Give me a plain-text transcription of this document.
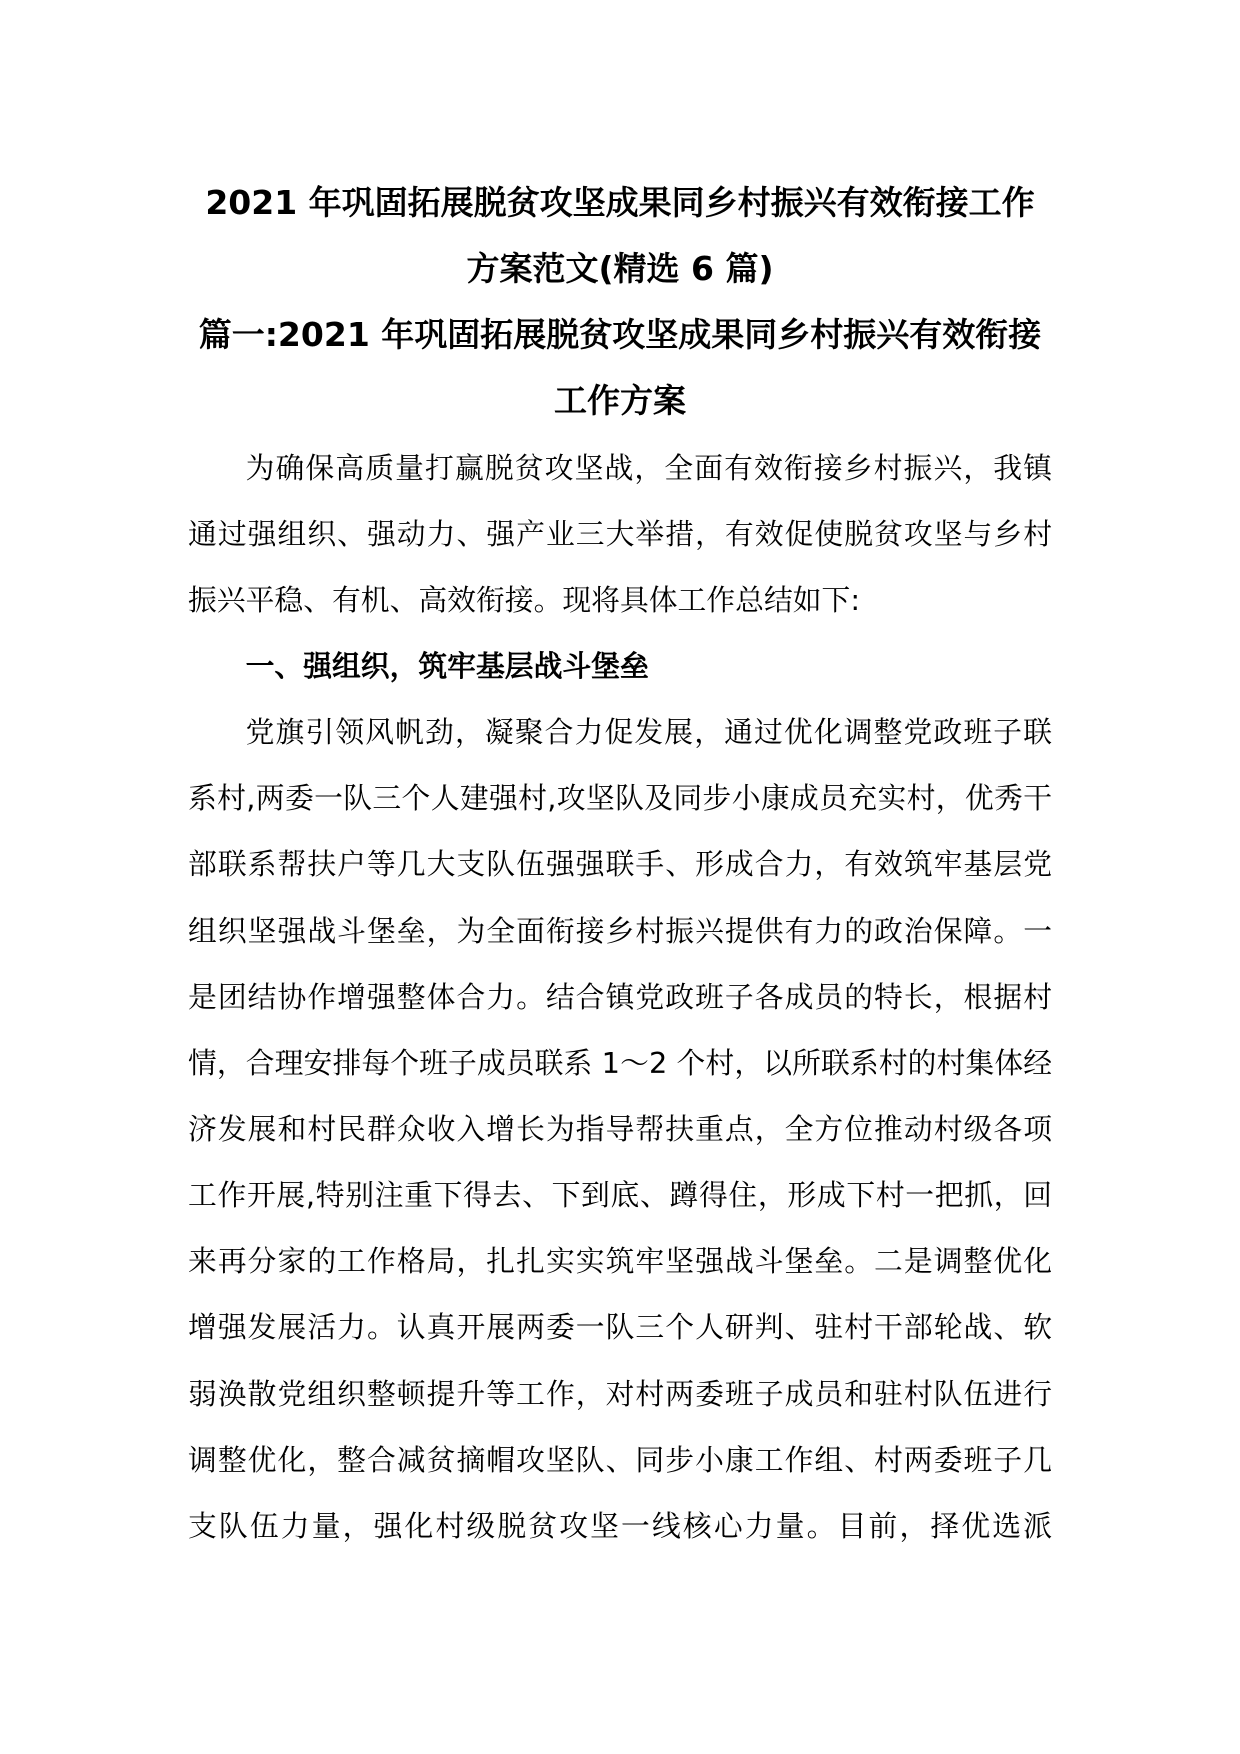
2021 年巩固拓展脱贫攻坚成果同乡村振兴有效衔接工作
方案范文(精选 6 篇)
篇一:2021 年巩固拓展脱贫攻坚成果同乡村振兴有效衔接
工作方案
为确保高质量打赢脱贫攻坚战，全面有效衔接乡村振兴，我镇
通过强组织、强动力、强产业三大举措，有效促使脱贫攻坚与乡村
振兴平稳、有机、高效衔接。现将具体工作总结如下:
一、强组织，筑牢基层战斗堡垒
党旗引领风帆劲，凝聚合力促发展，通过优化调整党政班子联
系村,两委一队三个人建强村,攻坚队及同步小康成员充实村，优秀干
部联系帮扶户等几大支队伍强强联手、形成合力，有效筑牢基层党
组织坚强战斗堡垒，为全面衔接乡村振兴提供有力的政治保障。一
是团结协作增强整体合力。结合镇党政班子各成员的特长，根据村
情，合理安排每个班子成员联系 1～2 个村，以所联系村的村集体经
济发展和村民群众收入增长为指导帮扶重点，全方位推动村级各项
工作开展,特别注重下得去、下到底、蹲得住，形成下村一把抓，回
来再分家的工作格局，扎扎实实筑牢坚强战斗堡垒。二是调整优化
增强发展活力。认真开展两委一队三个人研判、驻村干部轮战、软
弱涣散党组织整顿提升等工作，对村两委班子成员和驻村队伍进行
调整优化，整合减贫摘帽攻坚队、同步小康工作组、村两委班子几
支队伍力量，强化村级脱贫攻坚一线核心力量。目前，择优选派
